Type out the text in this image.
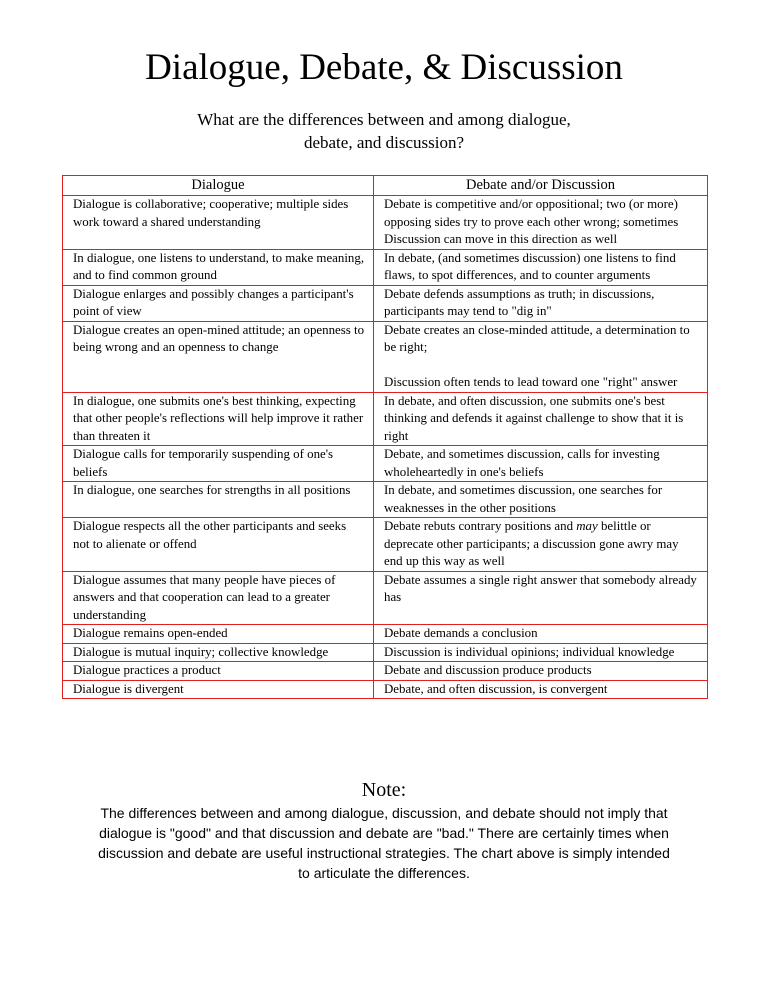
Dialogue, Debate, & Discussion
What are the differences between and among dialogue, debate, and discussion?
Dialogue	Debate and/or Discussion
Dialogue is collaborative; cooperative; multiple sides work toward a shared understanding	Debate is competitive and/or oppositional; two (or more) opposing sides try to prove each other wrong; sometimes Discussion can move in this direction as well

In dialogue, one listens to understand, to make meaning, and to find common ground	In debate, (and sometimes discussion) one listens to find flaws, to spot differences, and to counter arguments

Dialogue enlarges and possibly changes a participant's point of view	Debate defends assumptions as truth; in discussions, participants may tend to "dig in"

Dialogue creates an open-mined attitude; an openness to being wrong and an openness to change	Debate creates an close-minded attitude, a determination to be right;
Discussion often tends to lead toward one "right" answer

In dialogue, one submits one's best thinking, expecting that other people's reflections will help improve it rather than threaten it	In debate, and often discussion, one submits one's best thinking and defends it against challenge to show that it is right

Dialogue calls for temporarily suspending of one's beliefs	Debate, and sometimes discussion, calls for investing wholeheartedly in one's beliefs

In dialogue, one searches for strengths in all positions	In debate, and sometimes discussion, one searches for weaknesses in the other positions

Dialogue respects all the other participants and seeks not to alienate or offend	Debate rebuts contrary positions and may belittle or deprecate other participants; a discussion gone awry may end up this way as well

Dialogue assumes that many people have pieces of answers and that cooperation can lead to a greater understanding	Debate assumes a single right answer that somebody already has

Dialogue remains open-ended	Debate demands a conclusion

Dialogue is mutual inquiry; collective knowledge	Discussion is individual opinions; individual knowledge

Dialogue practices a product	Debate and discussion produce products

Dialogue is divergent	Debate, and often discussion, is convergent
Note:
The differences between and among dialogue, discussion, and debate should not imply that dialogue is "good" and that discussion and debate are "bad." There are certainly times when discussion and debate are useful instructional strategies. The chart above is simply intended to articulate the differences.
